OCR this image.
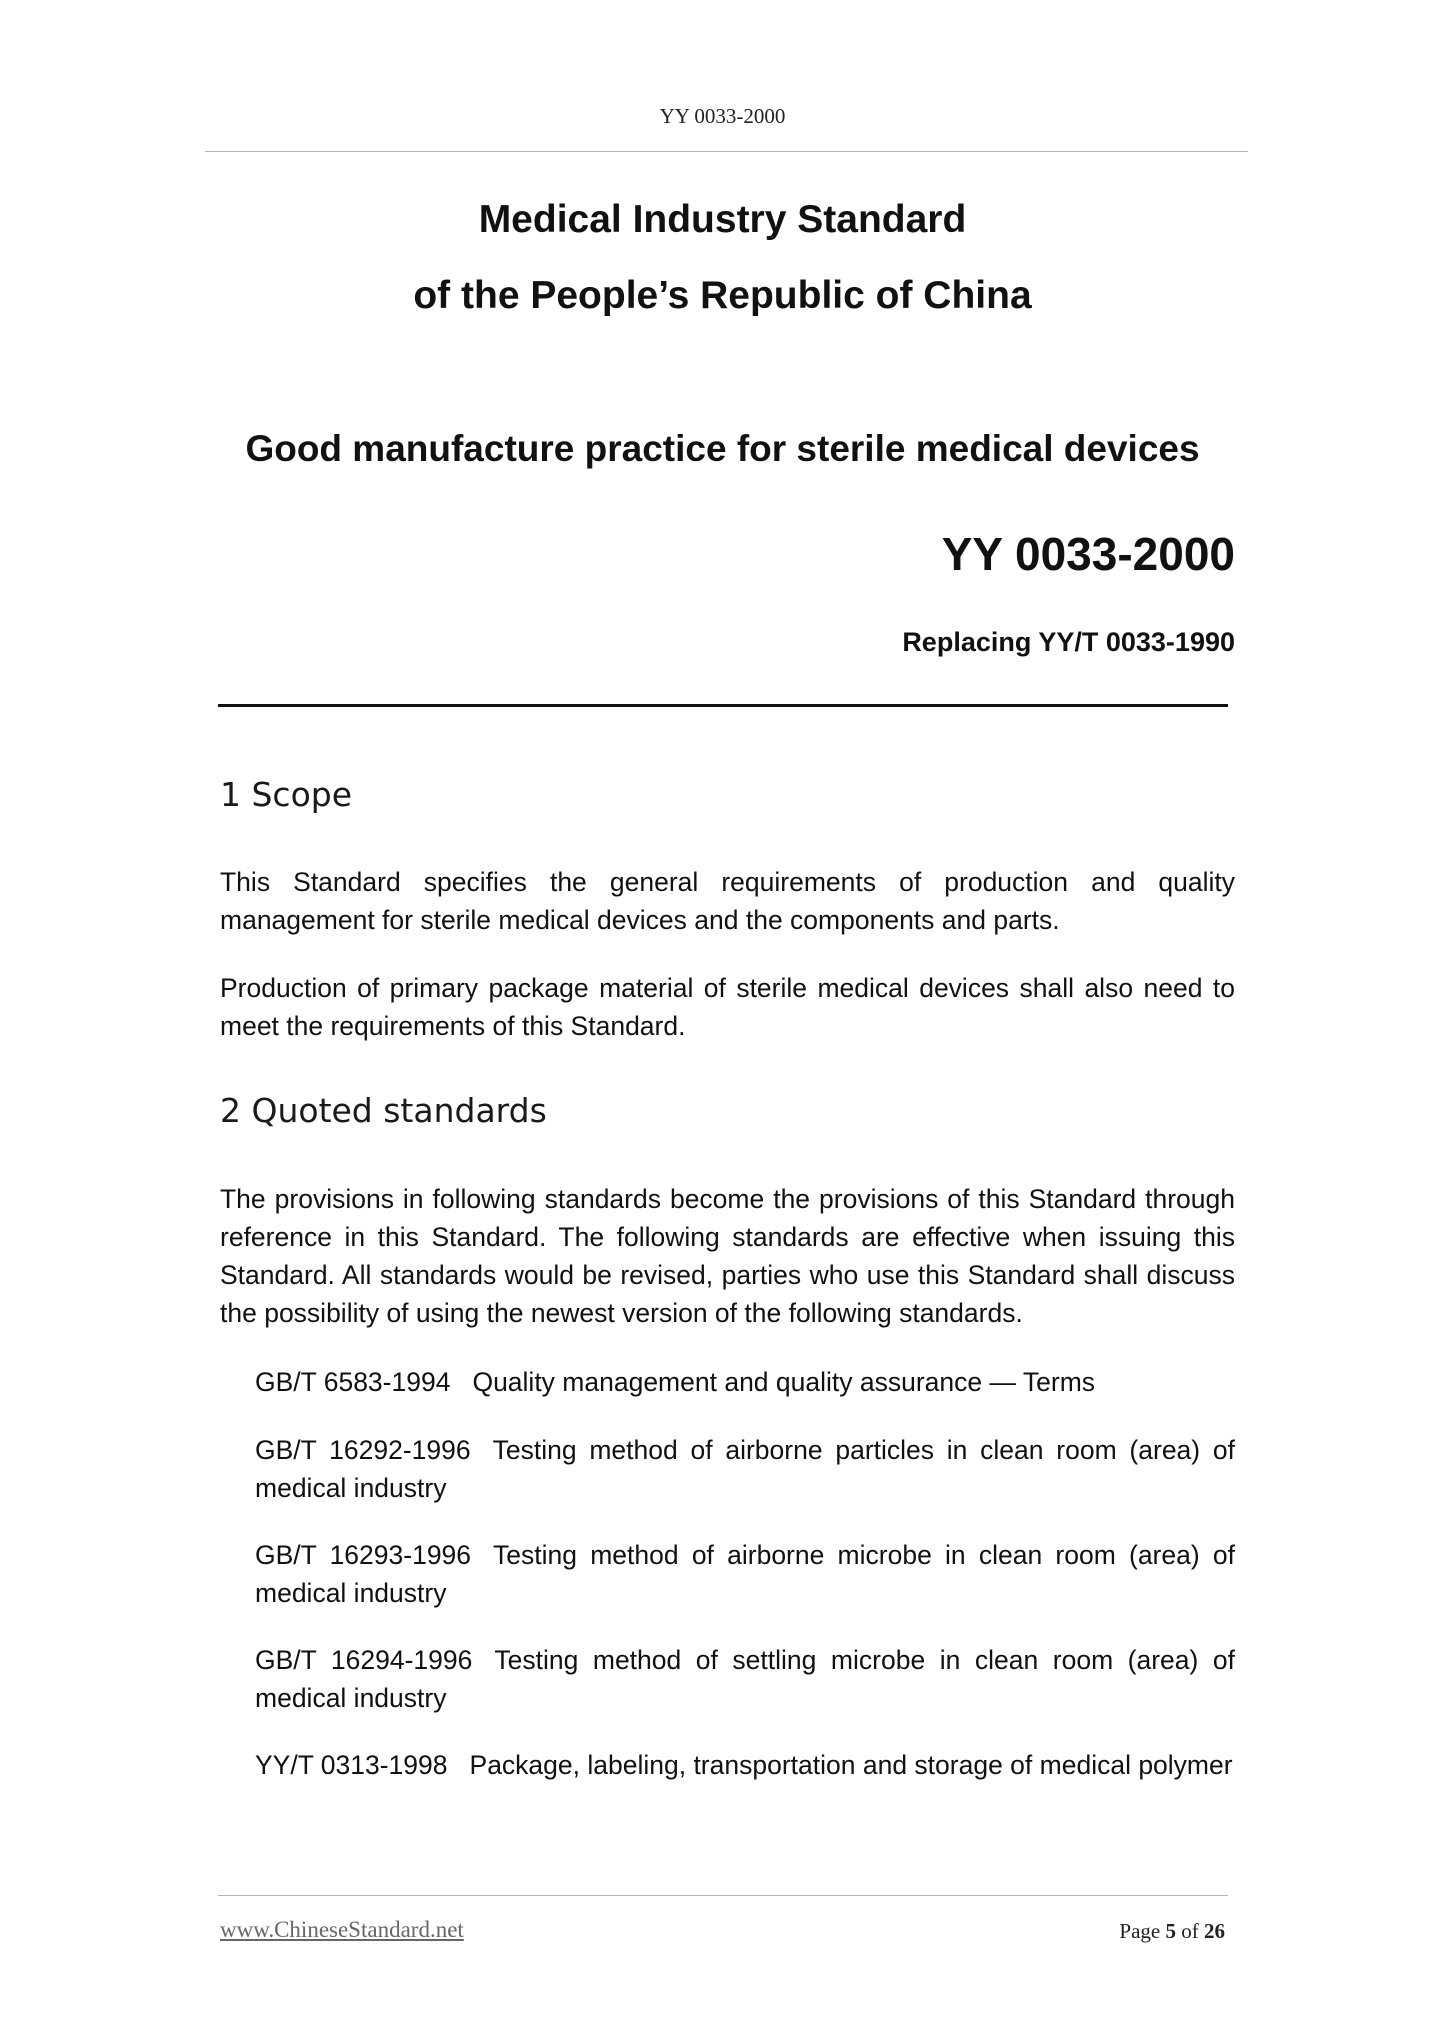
YY 0033-2000
Medical Industry Standard
of the People’s Republic of China
Good manufacture practice for sterile medical devices
YY 0033-2000
Replacing YY/T 0033-1990
1 Scope

This Standard specifies the general requirements of production and quality management for sterile medical devices and the components and parts.

Production of primary package material of sterile medical devices shall also need to meet the requirements of this Standard.

2 Quoted standards

The provisions in following standards become the provisions of this Standard through reference in this Standard. The following standards are effective when issuing this Standard. All standards would be revised, parties who use this Standard shall discuss the possibility of using the newest version of the following standards.

GB/T 6583-1994 Quality management and quality assurance — Terms

GB/T 16292-1996 Testing method of airborne particles in clean room (area) of medical industry

GB/T 16293-1996 Testing method of airborne microbe in clean room (area) of medical industry

GB/T 16294-1996 Testing method of settling microbe in clean room (area) of medical industry

YY/T 0313-1998 Package, labeling, transportation and storage of medical polymer

www.ChineseStandard.net	Page 5 of 26
